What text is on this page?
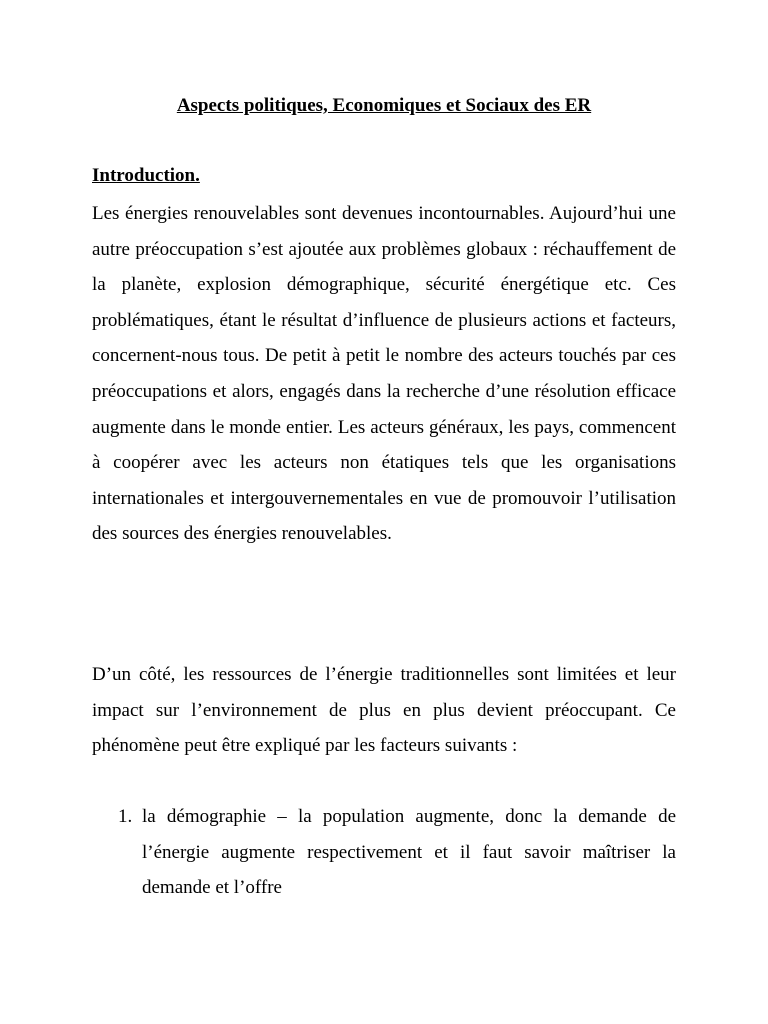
Aspects politiques, Economiques et Sociaux des ER
Introduction.

Les énergies renouvelables sont devenues incontournables. Aujourd’hui une autre préoccupation s’est ajoutée aux problèmes globaux : réchauffement de la planète, explosion démographique, sécurité énergétique etc. Ces problématiques, étant le résultat d’influence de plusieurs actions et facteurs, concernent-nous tous. De petit à petit le nombre des acteurs touchés par ces préoccupations et alors, engagés dans la recherche d’une résolution efficace augmente dans le monde entier. Les acteurs généraux, les pays, commencent à coopérer avec les acteurs non étatiques tels que les organisations internationales et intergouvernementales en vue de promouvoir l’utilisation des sources des énergies renouvelables.

D’un côté, les ressources de l’énergie traditionnelles sont limitées et leur impact sur l’environnement de plus en plus devient préoccupant. Ce phénomène peut être expliqué par les facteurs suivants :

1. la démographie – la population augmente, donc la demande de l’énergie augmente respectivement et il faut savoir maîtriser la demande et l’offre
